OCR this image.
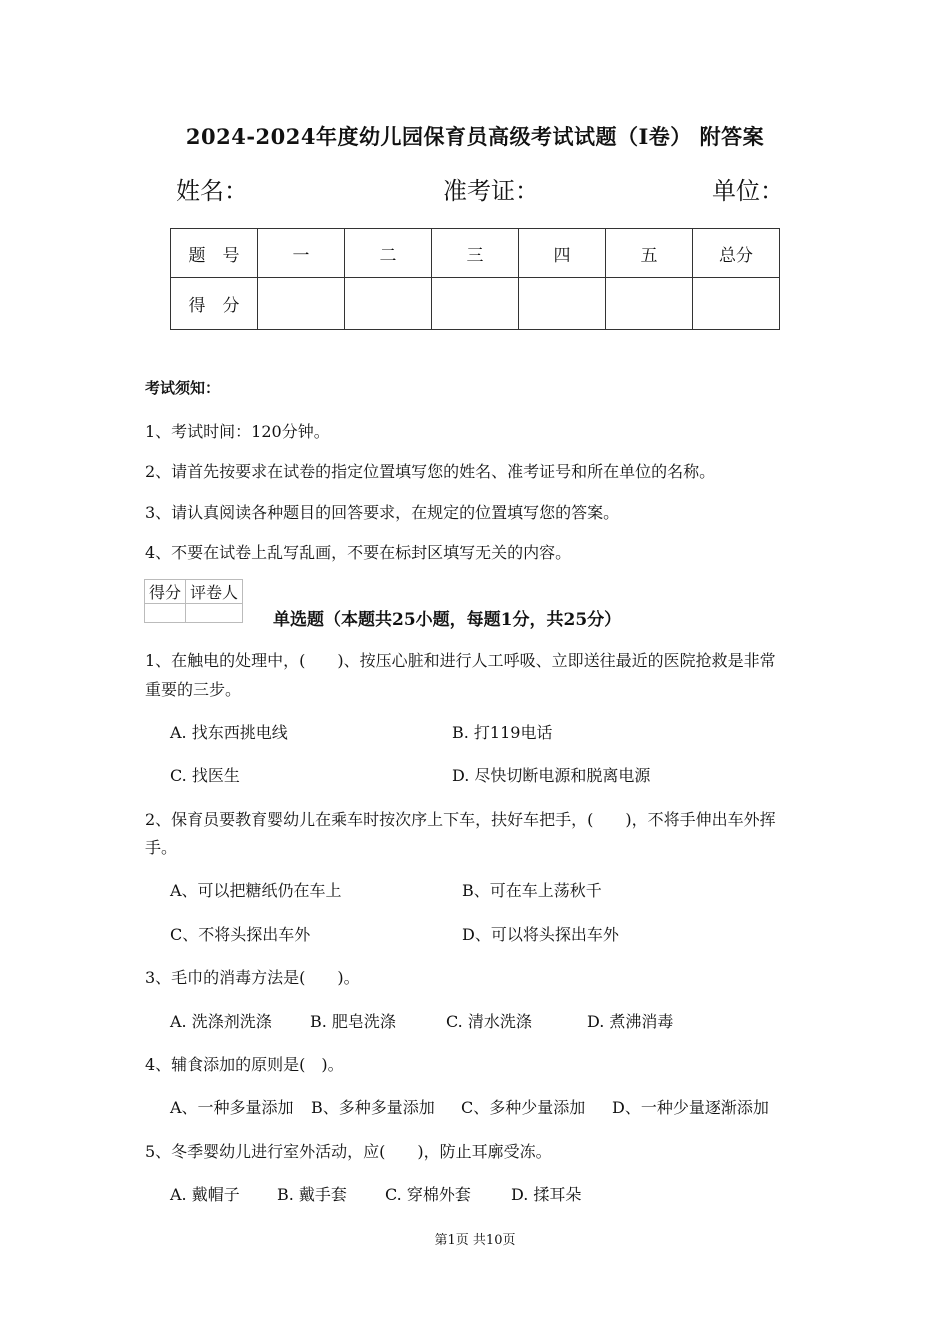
2024-2024年度幼儿园保育员高级考试试题（I卷） 附答案
姓名：	准考证：	单位：
题　号	一	二	三	四	五	总分
得　分						
考试须知：
1、考试时间：120分钟。
2、请首先按要求在试卷的指定位置填写您的姓名、准考证号和所在单位的名称。
3、请认真阅读各种题目的回答要求，在规定的位置填写您的答案。
4、不要在试卷上乱写乱画，不要在标封区填写无关的内容。
得分	评卷人

单选题（本题共25小题，每题1分，共25分）
1、在触电的处理中，(　　)、按压心脏和进行人工呼吸、立即送往最近的医院抢救是非常
重要的三步。
A. 找东西挑电线	B. 打119电话
C. 找医生	D. 尽快切断电源和脱离电源
2、保育员要教育婴幼儿在乘车时按次序上下车，扶好车把手，(　　)，不将手伸出车外挥
手。
A、可以把糖纸仍在车上	B、可在车上荡秋千
C、不将头探出车外	D、可以将头探出车外
3、毛巾的消毒方法是(　　)。
A. 洗涤剂洗涤 B. 肥皂洗涤	C. 清水洗涤	D. 煮沸消毒
4、辅食添加的原则是(　)。
A、一种多量添加 B、多种多量添加 C、多种少量添加 D、一种少量逐渐添加
5、冬季婴幼儿进行室外活动，应(　　)，防止耳廓受冻。
A. 戴帽子 B. 戴手套 C. 穿棉外套	D. 揉耳朵
第1页 共10页
